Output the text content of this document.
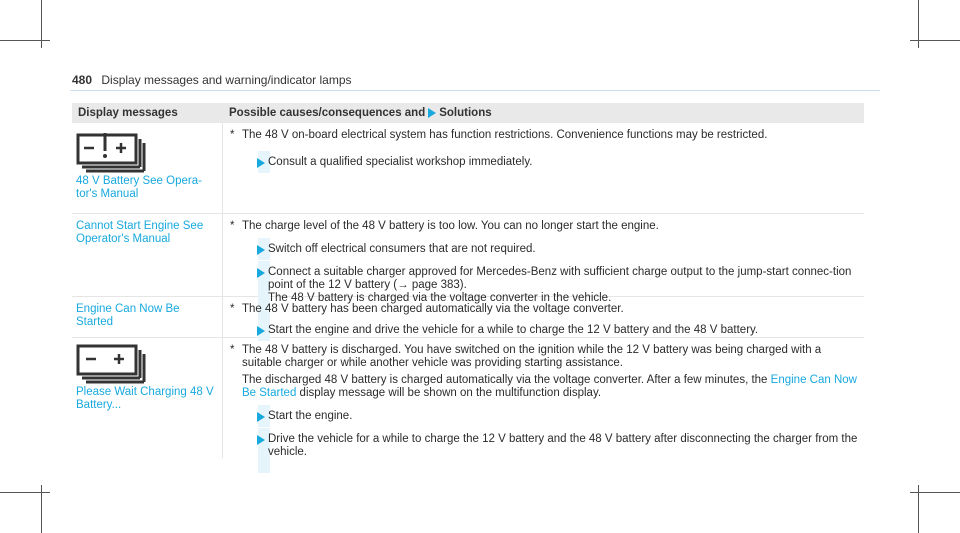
480 Display messages and warning/indicator lamps
Display messages	Possible causes/consequences and Solutions
48 V Battery See Opera-tor's Manual
* The 48 V on-board electrical system has function restrictions. Convenience functions may be restricted.
Consult a qualified specialist workshop immediately.
Cannot Start Engine See Operator's Manual
* The charge level of the 48 V battery is too low. You can no longer start the engine.
Switch off electrical consumers that are not required.
Connect a suitable charger approved for Mercedes-Benz with sufficient charge output to the jump-start connec-tion point of the 12 V battery (→ page 383).
The 48 V battery is charged via the voltage converter in the vehicle.
Engine Can Now Be Started
* The 48 V battery has been charged automatically via the voltage converter.
Start the engine and drive the vehicle for a while to charge the 12 V battery and the 48 V battery.
Please Wait Charging 48 V Battery...
* The 48 V battery is discharged. You have switched on the ignition while the 12 V battery was being charged with a suitable charger or while another vehicle was providing starting assistance.
The discharged 48 V battery is charged automatically via the voltage converter. After a few minutes, the Engine Can Now Be Started display message will be shown on the multifunction display.
Start the engine.
Drive the vehicle for a while to charge the 12 V battery and the 48 V battery after disconnecting the charger from the vehicle.
